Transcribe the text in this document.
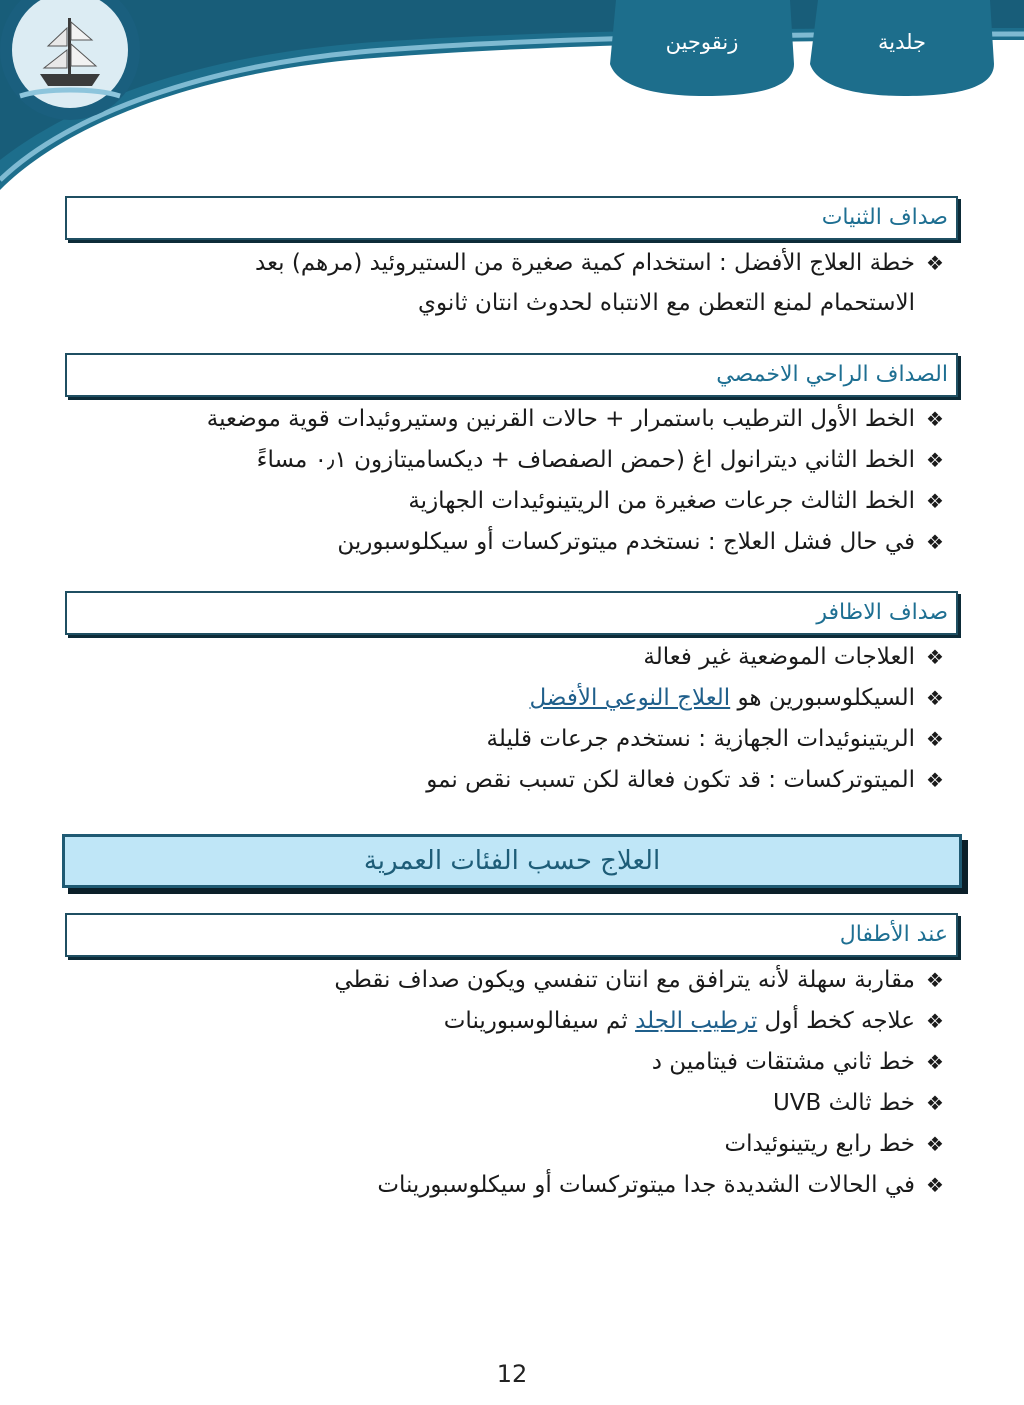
جلدية
زنقوجين
صداف الثنيات
❖خطة العلاج الأفضل : استخدام كمية صغيرة من الستيروئيد (مرهم) بعد
الاستحمام لمنع التعطن مع الانتباه لحدوث انتان ثانوي
الصداف الراحي الاخمصي
❖الخط الأول الترطيب باستمرار + حالات القرنين وستيروئيدات قوية موضعية
❖الخط الثاني ديترانول اغ (حمض الصفصاف + ديكساميتازون ٠٫١ مساءً
❖الخط الثالث جرعات صغيرة من الريتينوئيدات الجهازية
❖في حال فشل العلاج : نستخدم ميتوتركسات أو سيكلوسبورين
صداف الاظافر
❖العلاجات الموضعية غير فعالة
❖السيكلوسبورين هو العلاج النوعي الأفضل
❖الريتينوئيدات الجهازية : نستخدم جرعات قليلة
❖الميتوتركسات : قد تكون فعالة لكن تسبب نقص نمو
العلاج حسب الفئات العمرية
عند الأطفال
❖مقاربة سهلة لأنه يترافق مع انتان تنفسي ويكون صداف نقطي
❖علاجه كخط أول ترطيب الجلد ثم سيفالوسبورينات
❖خط ثاني مشتقات فيتامين د
❖خط ثالث UVB
❖خط رابع ريتينوئيدات
❖في الحالات الشديدة جدا ميتوتركسات أو سيكلوسبورينات
12
